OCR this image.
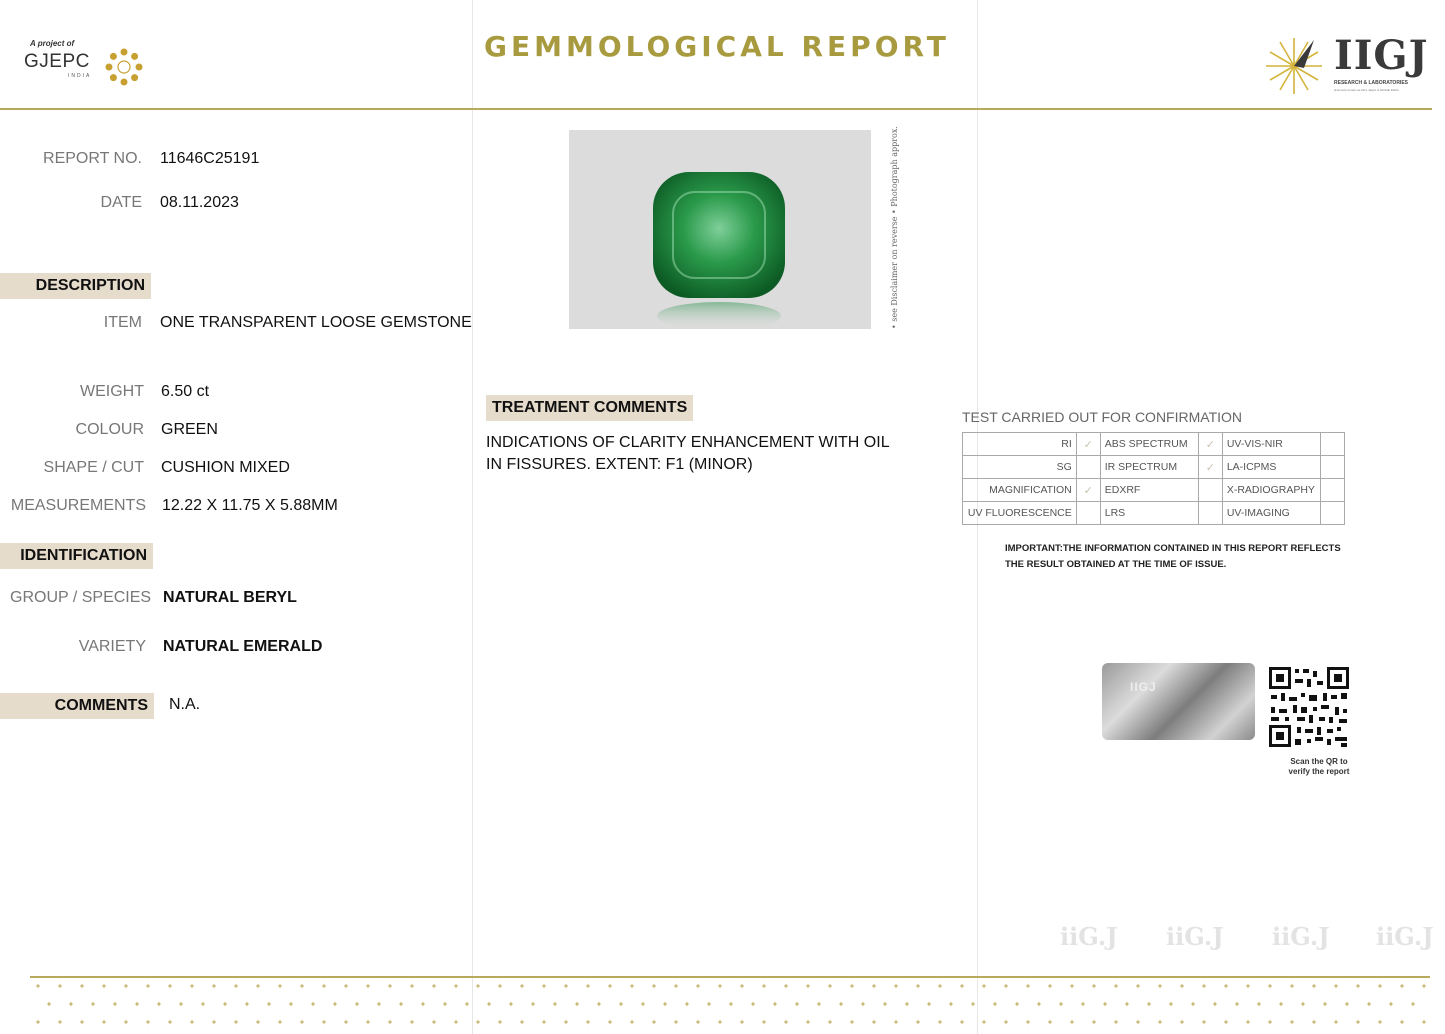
A project of
GJEPC
INDIA
GEMMOLOGICAL REPORT	IIGJ
RESEARCH & LABORATORIES
(Formerly known as IGI's Jaipur & GII/GIE Delhi)
REPORT NO. 11646C25191
DATE 08.11.2023
DESCRIPTION
ITEM ONE TRANSPARENT LOOSE GEMSTONE
WEIGHT 6.50 ct
COLOUR GREEN
SHAPE / CUT CUSHION MIXED
MEASUREMENTS 12.22 X 11.75 X 5.88MM
IDENTIFICATION
GROUP / SPECIES NATURAL BERYL
VARIETY NATURAL EMERALD
COMMENTS	N.A.
• see Disclaimer on reverse • Photograph approx.
TREATMENT COMMENTS
INDICATIONS OF CLARITY ENHANCEMENT WITH OIL IN FISSURES. EXTENT: F1 (MINOR)
TEST CARRIED OUT FOR CONFIRMATION
RI	✓	ABS SPECTRUM	✓	UV-VIS-NIR	
SG		IR SPECTRUM	✓	LA-ICPMS	
MAGNIFICATION	✓	EDXRF		X-RADIOGRAPHY	
UV FLUORESCENCE		LRS		UV-IMAGING	
IMPORTANT:THE INFORMATION CONTAINED IN THIS REPORT REFLECTS THE RESULT OBTAINED AT THE TIME OF ISSUE.
IIGJ
Scan the QR to verify the report
iiG.J iiG.J iiG.J iiG.J
